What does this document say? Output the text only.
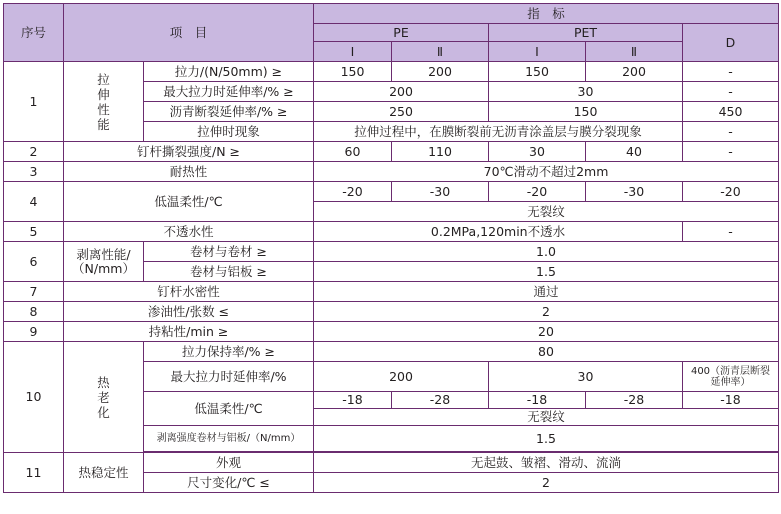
序号	项　目		指　标				
			PE		PET		D
			Ⅰ	Ⅱ	Ⅰ	Ⅱ	
1	拉伸性能	拉力/(N/50mm) ≥	150	200	150	200	-
		最大拉力时延伸率/% ≥	200		30		-
		沥青断裂延伸率/% ≥	250		150		450
		拉伸时现象	拉伸过程中，在膜断裂前无沥青涂盖层与膜分裂现象				-
2	钉杆撕裂强度/N ≥		60	110	30	40	-
3	耐热性		70℃滑动不超过2mm				
4	低温柔性/℃		-20	-30	-20	-30	-20
			无裂纹				
5	不透水性		0.2MPa,120min不透水				-
6	剥离性能/（N/mm）	卷材与卷材 ≥	1.0				
		卷材与铝板 ≥	1.5				
7	钉杆水密性		通过				
8	渗油性/张数 ≤		2				
9	持粘性/min ≥		20				
10	热老化	拉力保持率/% ≥	80				
		最大拉力时延伸率/%	200		30		400（沥青层断裂延伸率）
		低温柔性/℃	-18	-28	-18	-28	-18
			无裂纹				
		剥离强度卷材与铝板/（N/mm）	1.5				

11	热稳定性	外观	无起鼓、皱褶、滑动、流淌				
		尺寸变化/℃ ≤	2				
